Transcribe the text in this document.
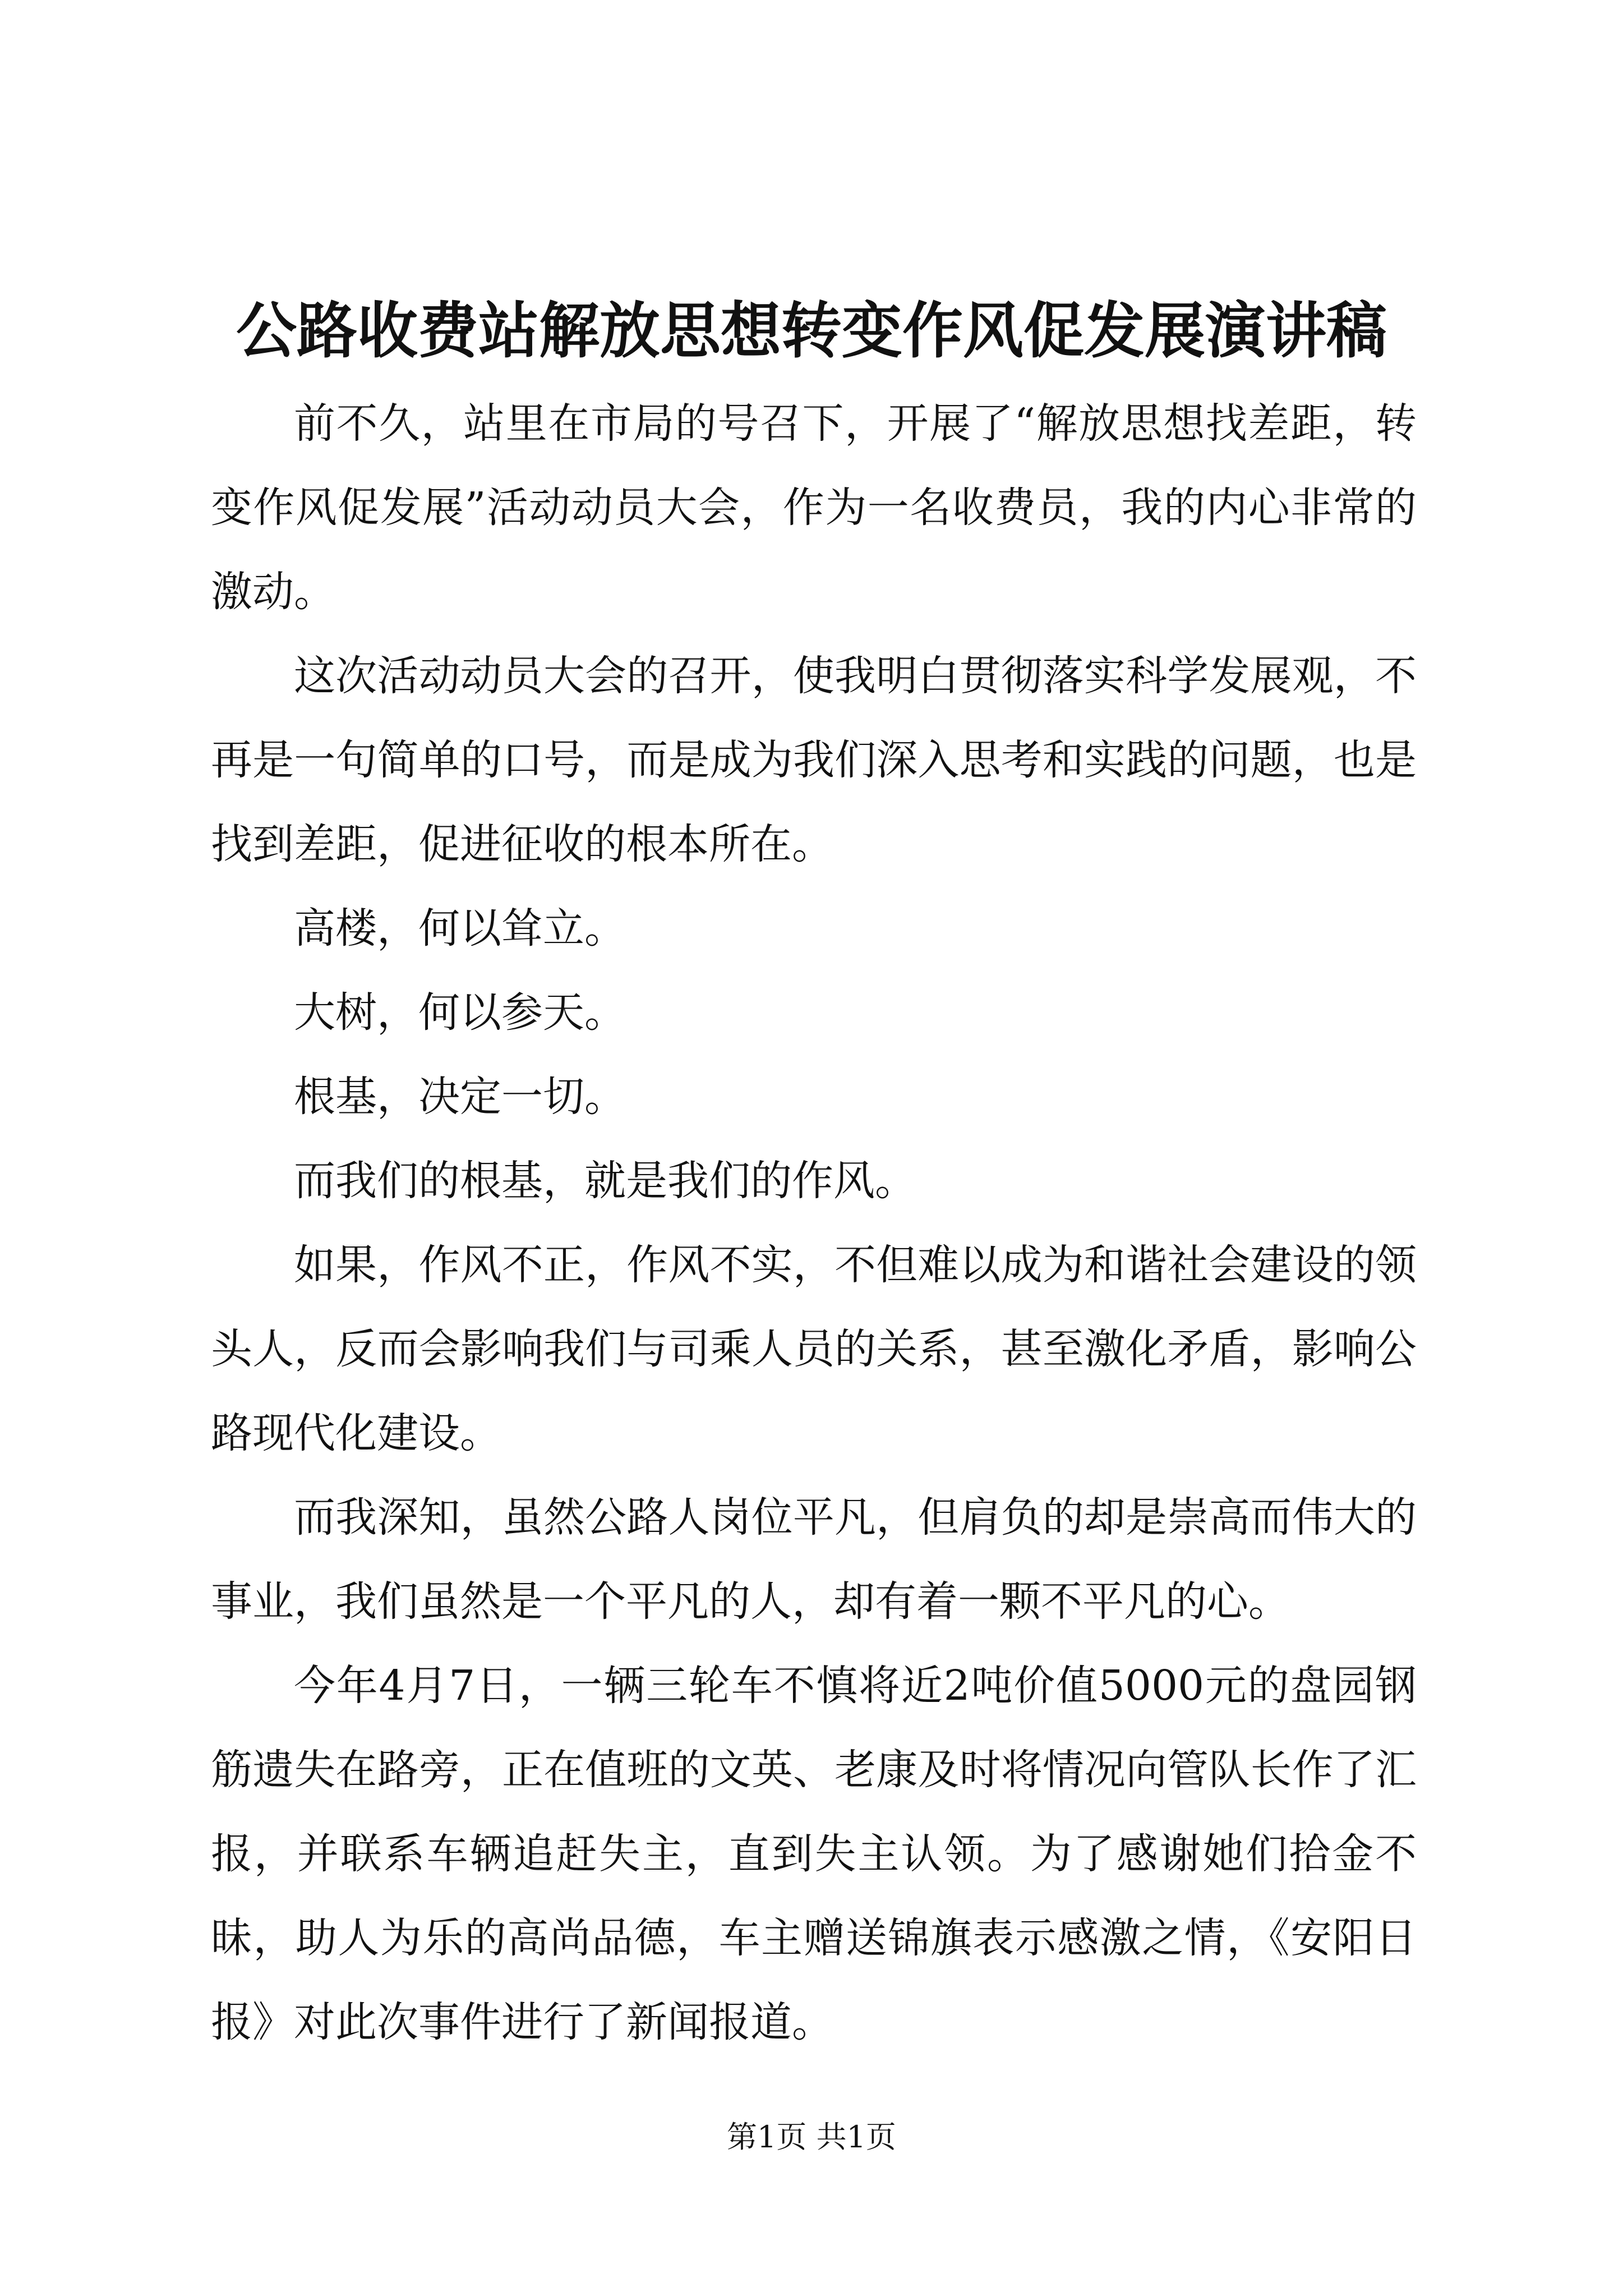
公路收费站解放思想转变作风促发展演讲稿

前不久，站里在市局的号召下，开展了“解放思想找差距，转变作风促发展”活动动员大会，作为一名收费员，我的内心非常的激动。

这次活动动员大会的召开，使我明白贯彻落实科学发展观，不再是一句简单的口号，而是成为我们深入思考和实践的问题，也是找到差距，促进征收的根本所在。

高楼，何以耸立。

大树，何以参天。

根基，决定一切。

而我们的根基，就是我们的作风。

如果，作风不正，作风不实，不但难以成为和谐社会建设的领头人，反而会影响我们与司乘人员的关系，甚至激化矛盾，影响公路现代化建设。

而我深知，虽然公路人岗位平凡，但肩负的却是崇高而伟大的事业，我们虽然是一个平凡的人，却有着一颗不平凡的心。

今年4月7日，一辆三轮车不慎将近2吨价值5000元的盘园钢筋遗失在路旁，正在值班的文英、老康及时将情况向管队长作了汇报，并联系车辆追赶失主，直到失主认领。为了感谢她们拾金不昧，助人为乐的高尚品德，车主赠送锦旗表示感激之情，《安阳日报》对此次事件进行了新闻报道。

第1页 共1页
